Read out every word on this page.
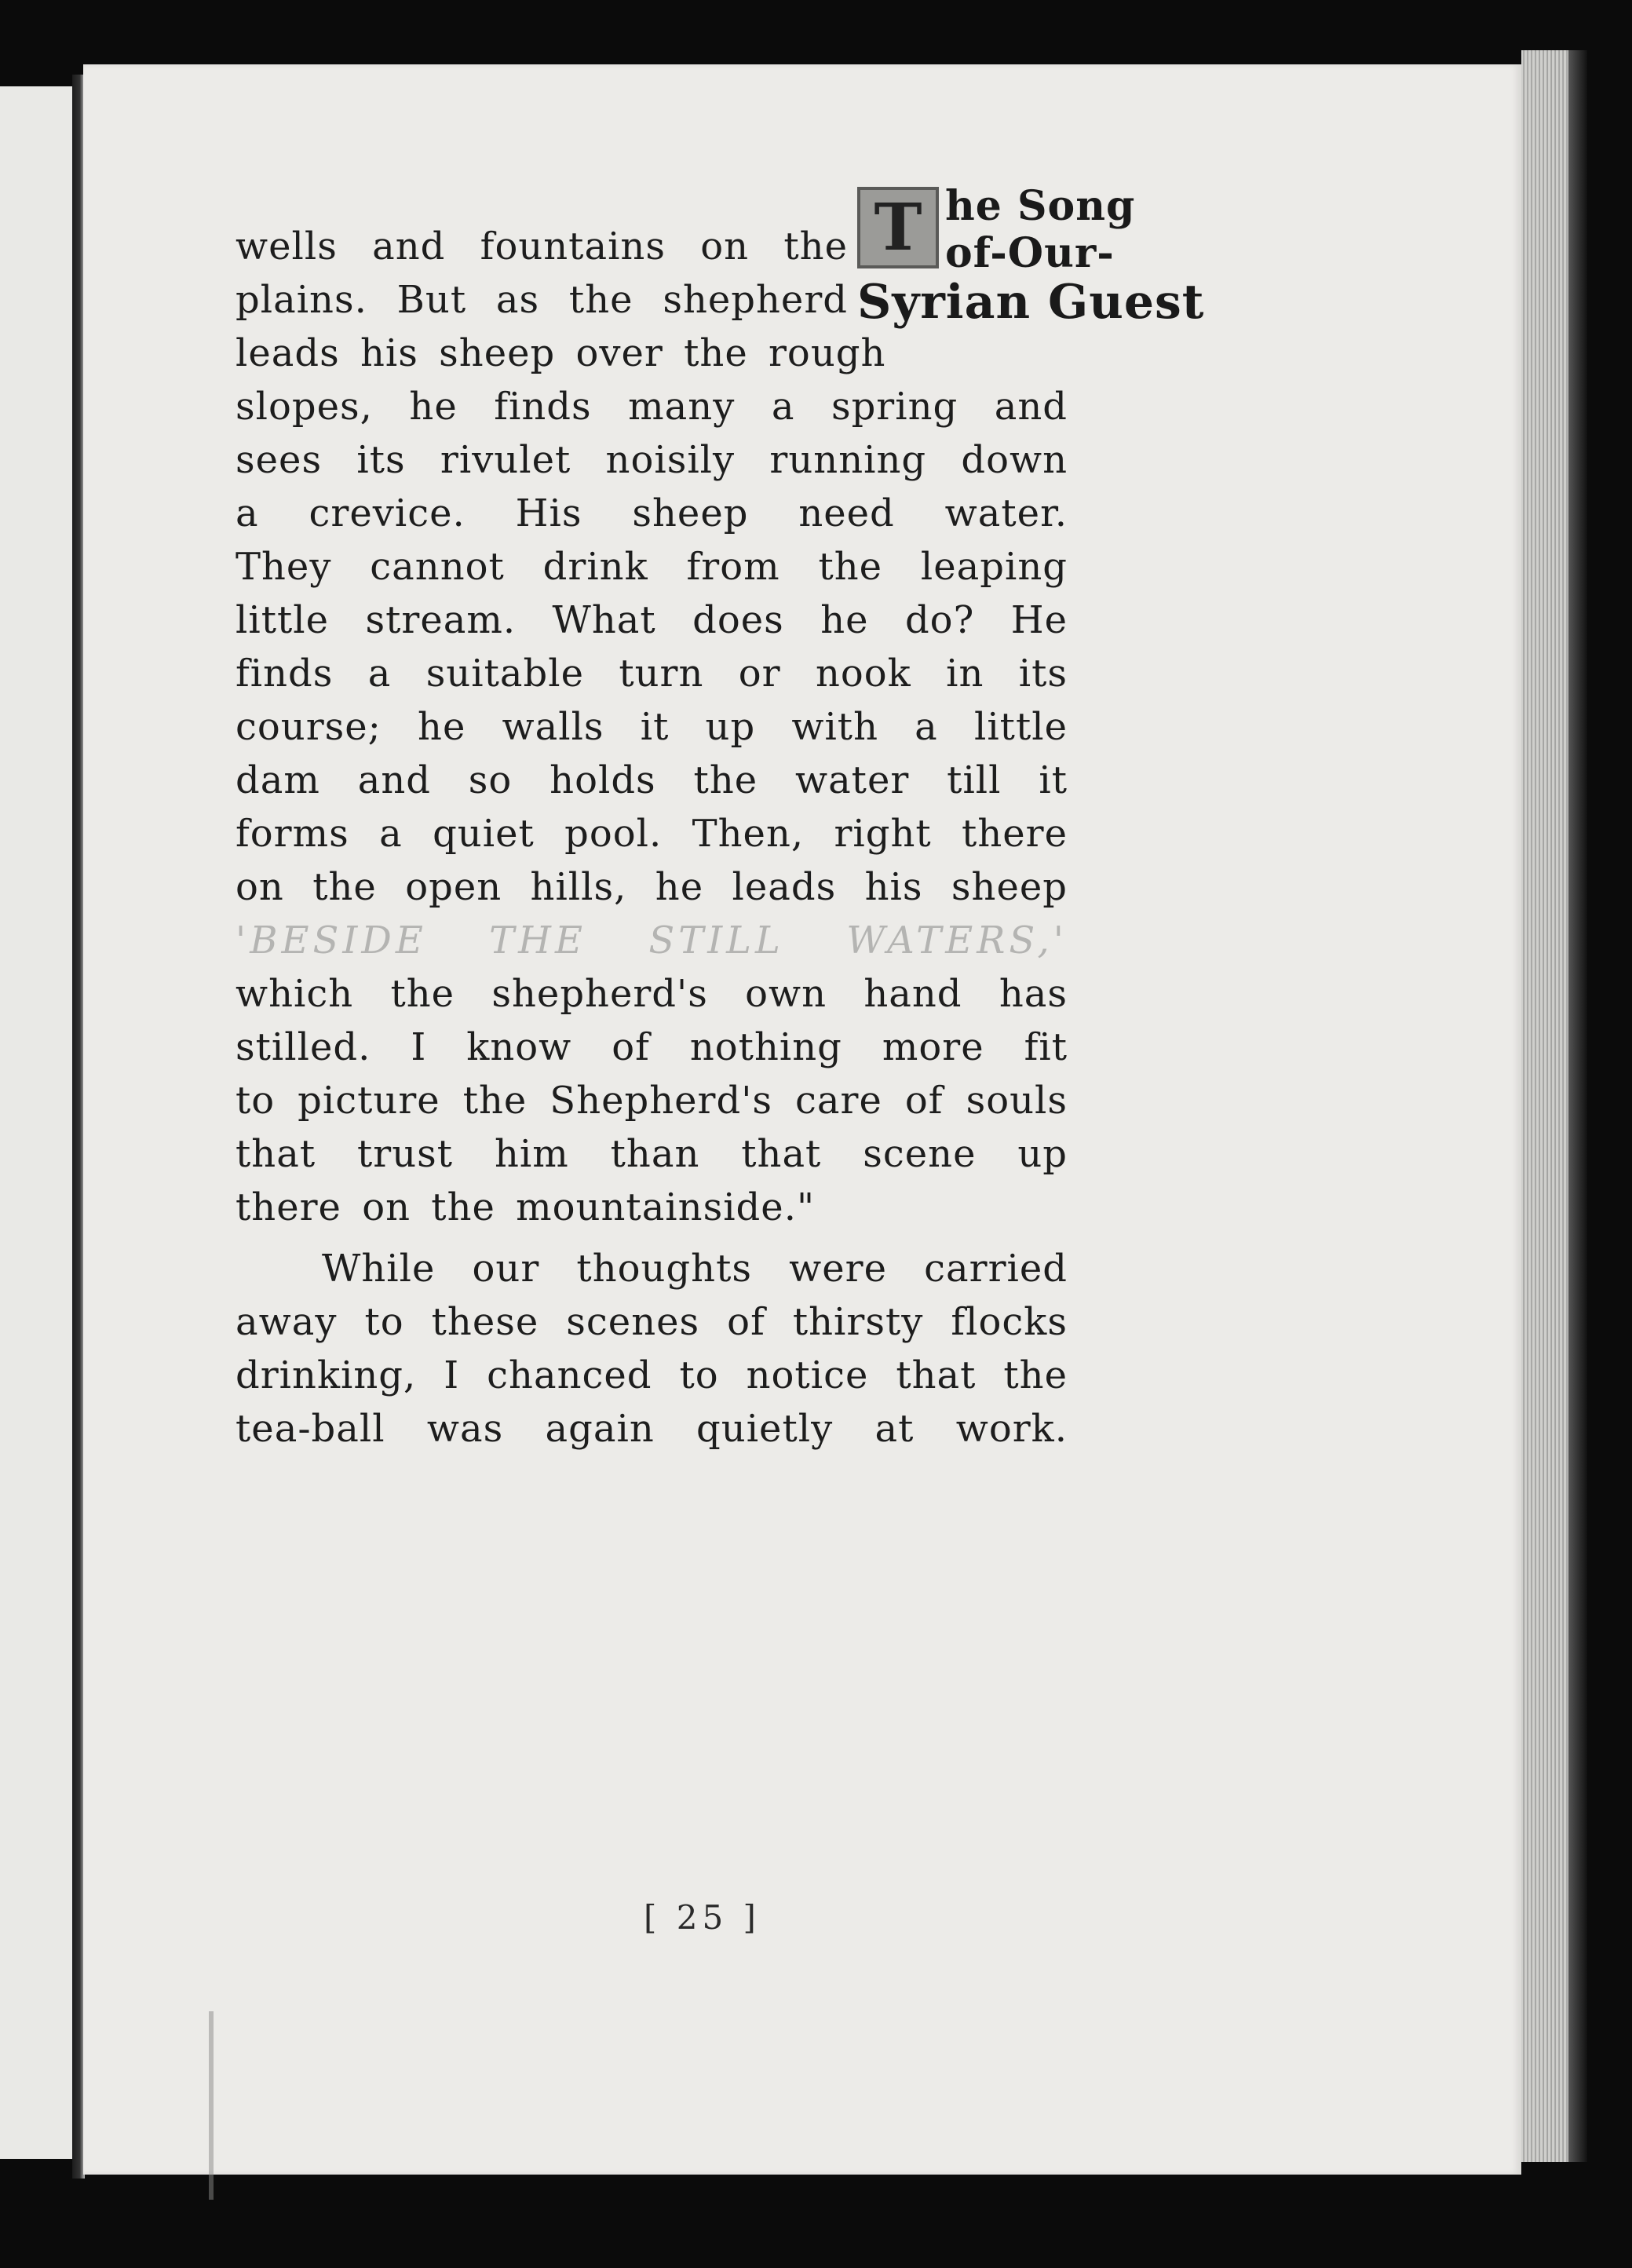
T he Song
of-Our-
Syrian Guest
wells and fountains on the
plains. But as the shepherd
leads his sheep over the rough
slopes, he finds many a spring and
sees its rivulet noisily running down
a crevice. His sheep need water.
They cannot drink from the leaping
little stream. What does he do? He
finds a suitable turn or nook in its
course; he walls it up with a little
dam and so holds the water till it
forms a quiet pool. Then, right there
on the open hills, he leads his sheep
'BESIDE THE STILL WATERS,'
which the shepherd's own hand has
stilled. I know of nothing more fit
to picture the Shepherd's care of souls
that trust him than that scene up
there on the mountainside."
While our thoughts were carried
away to these scenes of thirsty flocks
drinking, I chanced to notice that the
tea-ball was again quietly at work.
[ 25 ]
